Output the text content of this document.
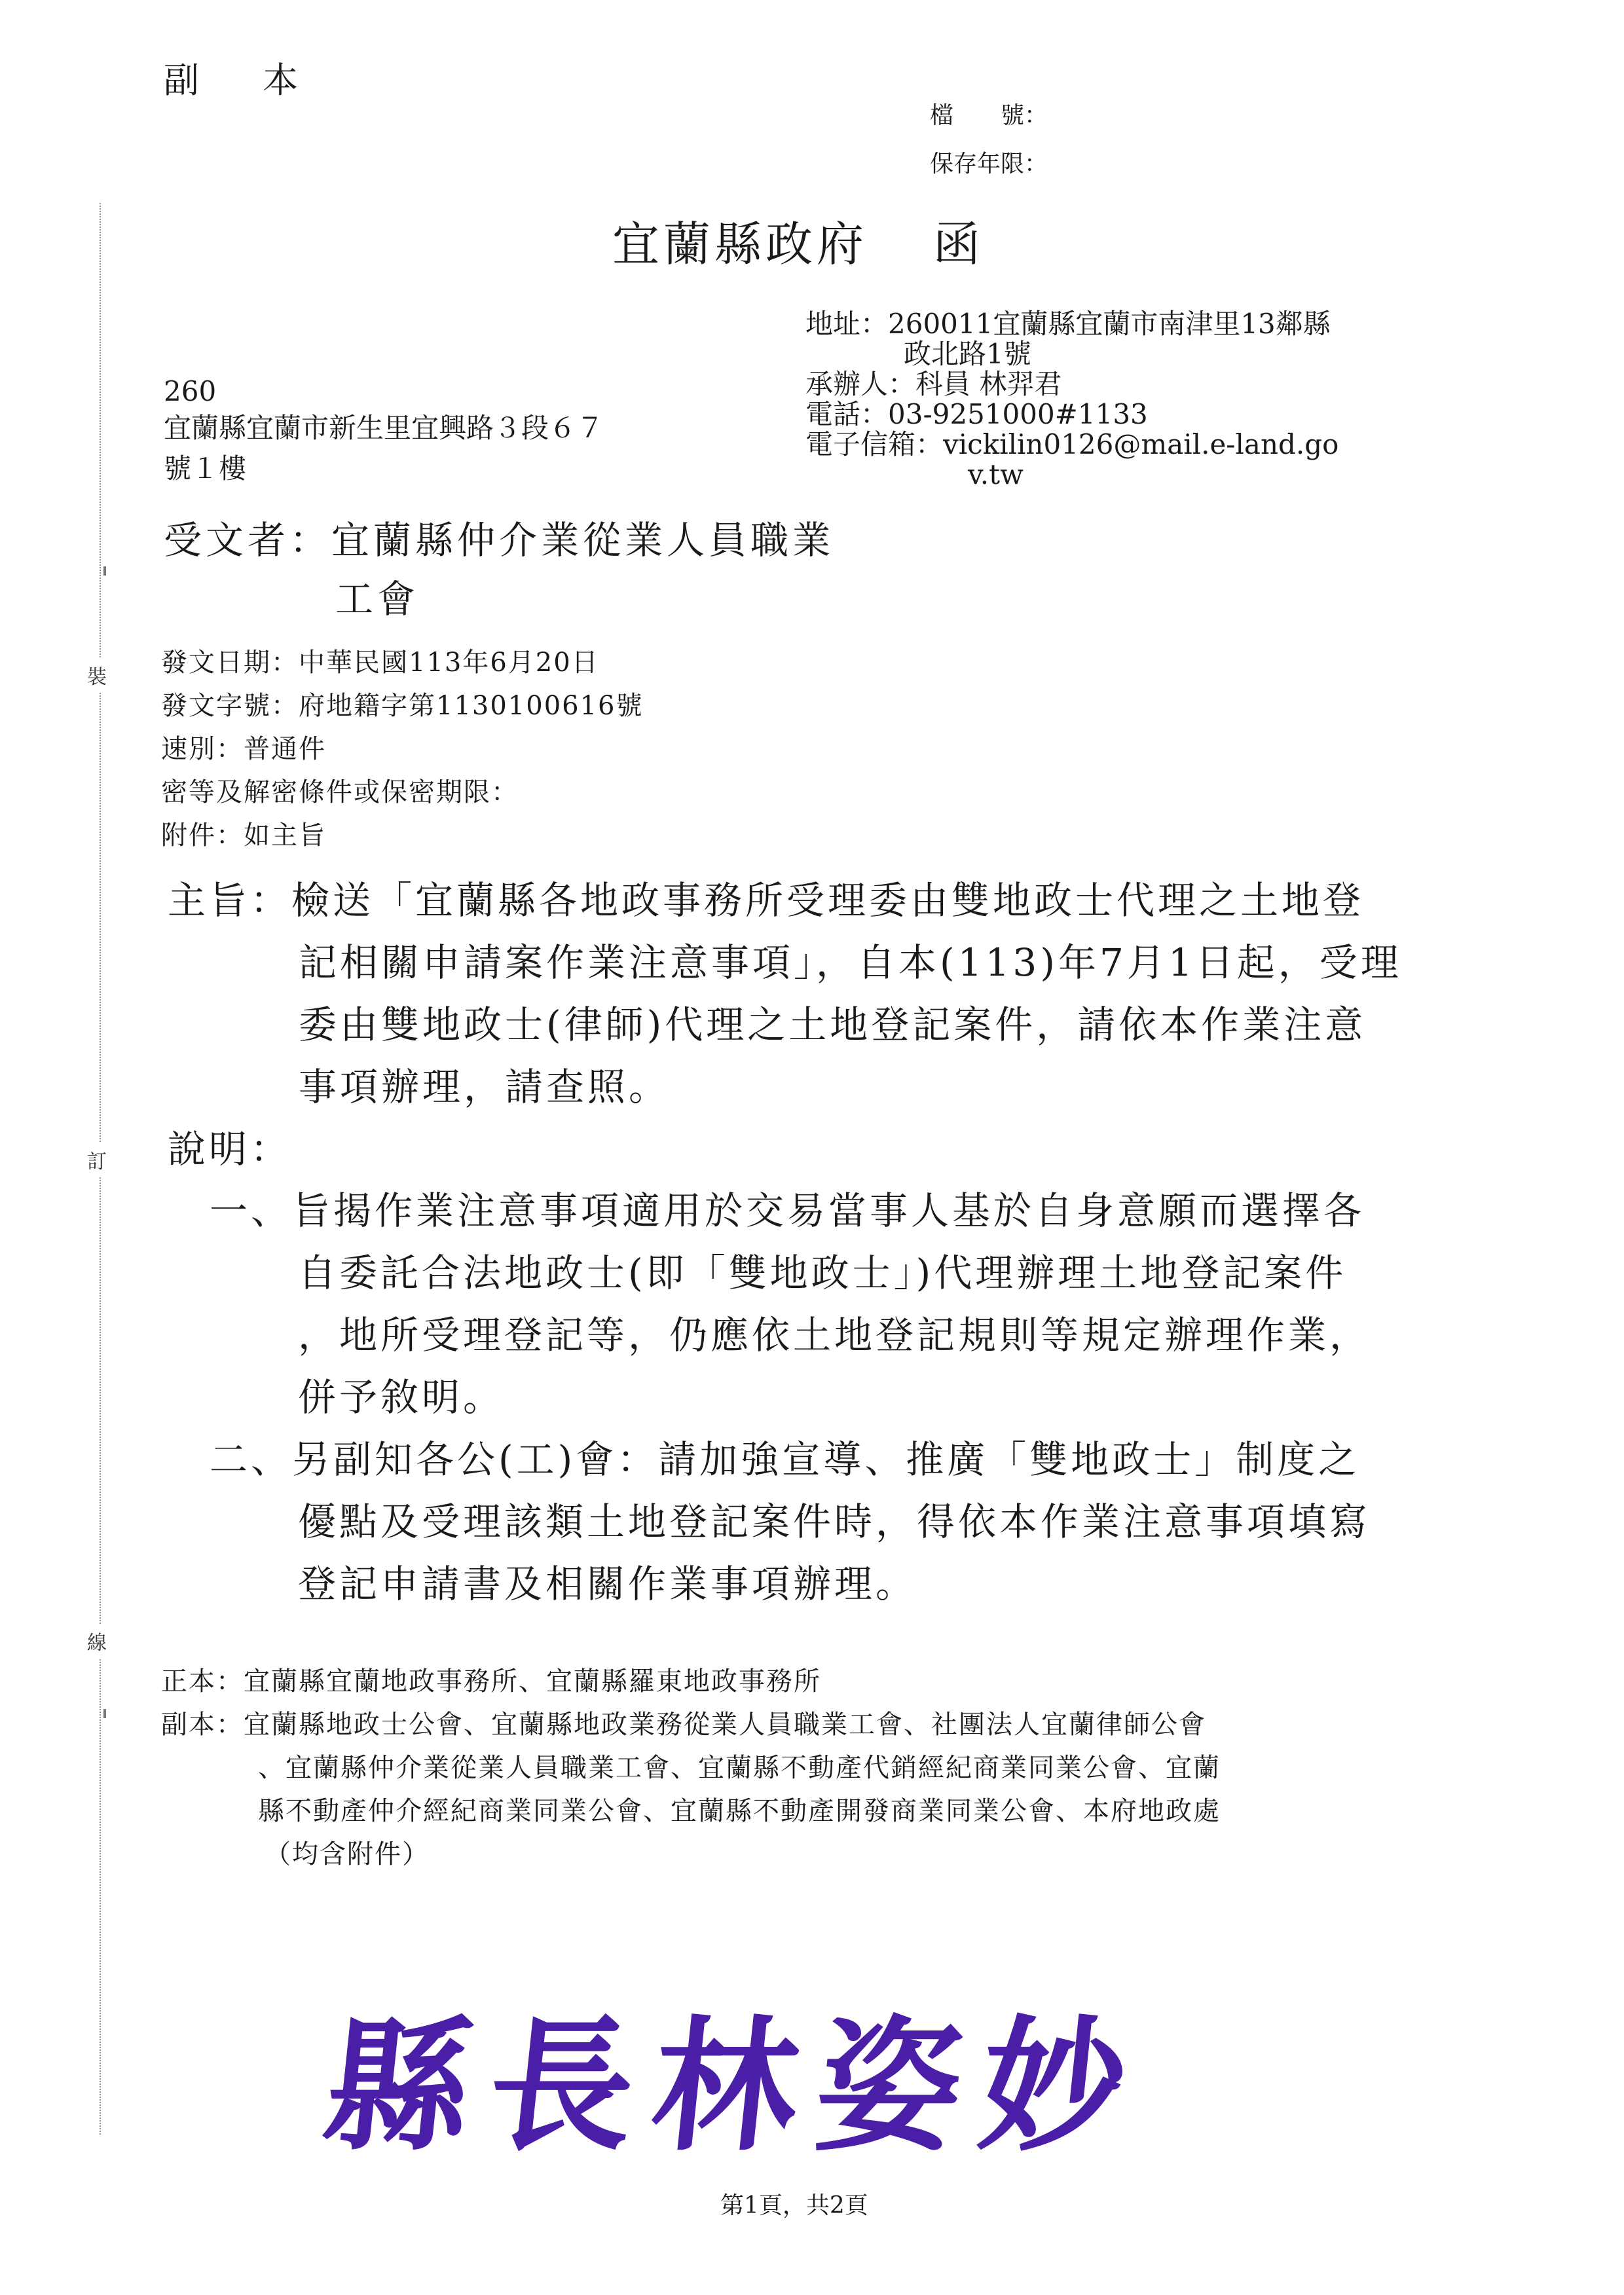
副 本
檔　　號：
保存年限：
宜蘭縣政府 函
地址：260011宜蘭縣宜蘭市南津里13鄰縣
政北路1號
承辦人：科員 林羿君
電話：03-9251000#1133
電子信箱：vickilin0126@mail.e-land.go
v.tw
260
宜蘭縣宜蘭市新生里宜興路３段６７
號１樓
受文者：宜蘭縣仲介業從業人員職業
工會
發文日期：中華民國113年6月20日
發文字號：府地籍字第1130100616號
速別：普通件
密等及解密條件或保密期限：
附件：如主旨
主旨：檢送「宜蘭縣各地政事務所受理委由雙地政士代理之土地登
記相關申請案作業注意事項」，自本(113)年7月1日起，受理
委由雙地政士(律師)代理之土地登記案件，請依本作業注意
事項辦理，請查照。
說明：
一、旨揭作業注意事項適用於交易當事人基於自身意願而選擇各
自委託合法地政士(即「雙地政士」)代理辦理土地登記案件
，地所受理登記等，仍應依土地登記規則等規定辦理作業，
併予敘明。
二、另副知各公(工)會：請加強宣導、推廣「雙地政士」制度之
優點及受理該類土地登記案件時，得依本作業注意事項填寫
登記申請書及相關作業事項辦理。
正本：宜蘭縣宜蘭地政事務所、宜蘭縣羅東地政事務所
副本：宜蘭縣地政士公會、宜蘭縣地政業務從業人員職業工會、社團法人宜蘭律師公會
、宜蘭縣仲介業從業人員職業工會、宜蘭縣不動產代銷經紀商業同業公會、宜蘭
縣不動產仲介經紀商業同業公會、宜蘭縣不動產開發商業同業公會、本府地政處
（均含附件）
裝
訂
線
縣長林姿妙
第1頁，共2頁
